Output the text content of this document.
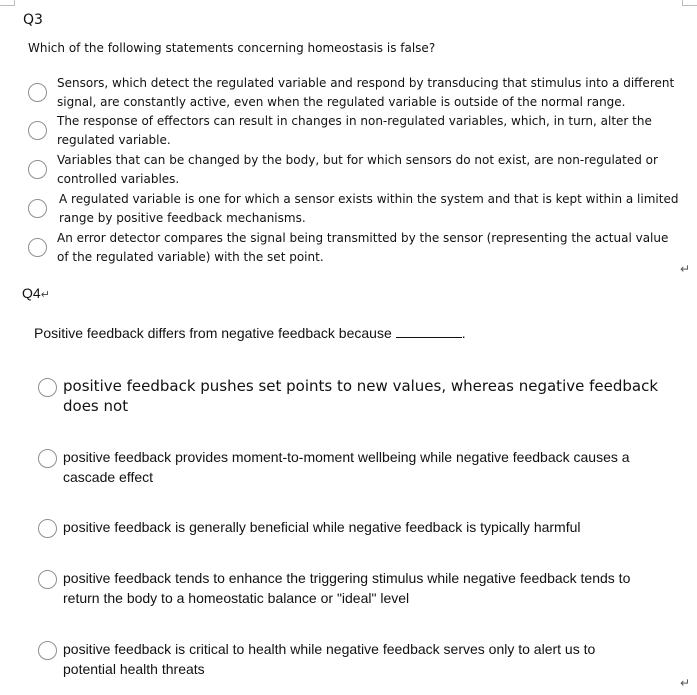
Q3
Which of the following statements concerning homeostasis is false?
Sensors, which detect the regulated variable and respond by transducing that stimulus into a different
signal, are constantly active, even when the regulated variable is outside of the normal range.
The response of effectors can result in changes in non-regulated variables, which, in turn, alter the
regulated variable.
Variables that can be changed by the body, but for which sensors do not exist, are non-regulated or
controlled variables.
A regulated variable is one for which a sensor exists within the system and that is kept within a limited
range by positive feedback mechanisms.
An error detector compares the signal being transmitted by the sensor (representing the actual value
of the regulated variable) with the set point.
↵
Q4↵
Positive feedback differs from negative feedback because	.
positive feedback pushes set points to new values, whereas negative feedback
does not
positive feedback provides moment-to-moment wellbeing while negative feedback causes a
cascade effect
positive feedback is generally beneficial while negative feedback is typically harmful
positive feedback tends to enhance the triggering stimulus while negative feedback tends to
return the body to a homeostatic balance or "ideal" level
positive feedback is critical to health while negative feedback serves only to alert us to
potential health threats
↵
